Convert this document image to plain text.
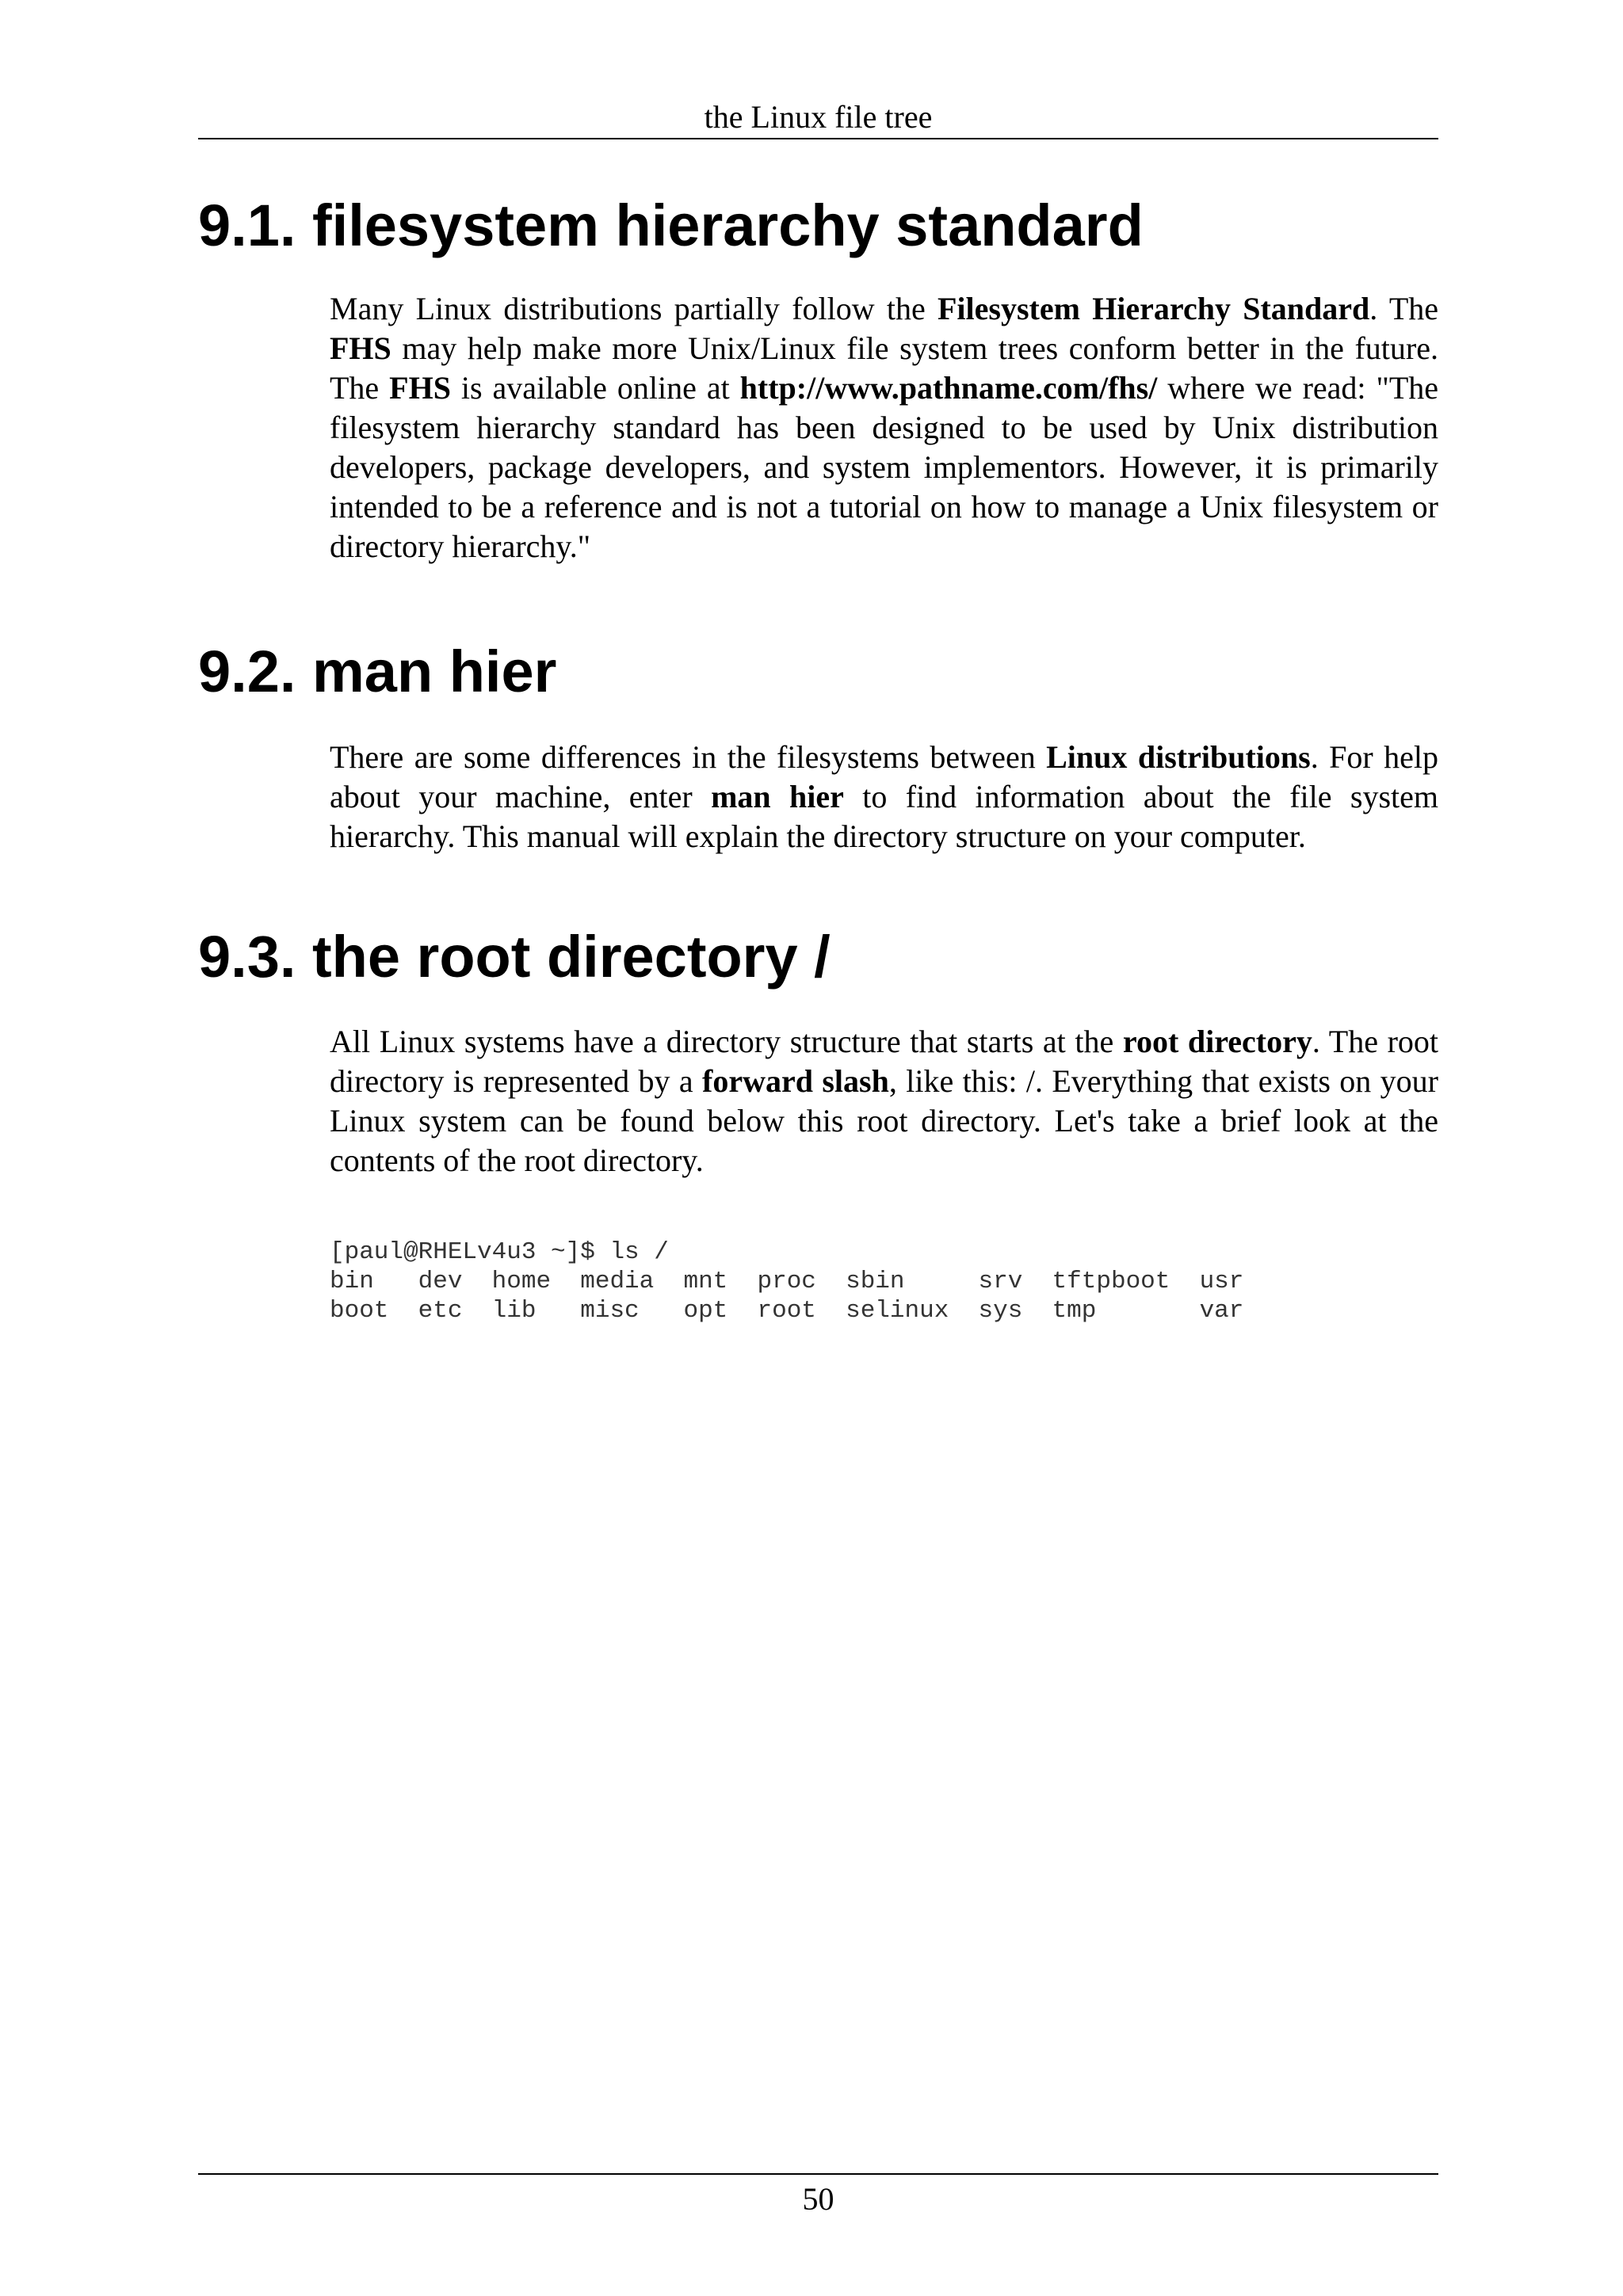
the Linux file tree
9.1. filesystem hierarchy standard

Many Linux distributions partially follow the Filesystem Hierarchy Standard. The FHS may help make more Unix/Linux file system trees conform better in the future. The FHS is available online at http://www.pathname.com/fhs/ where we read: "The filesystem hierarchy standard has been designed to be used by Unix distribution developers, package developers, and system implementors. However, it is primarily intended to be a reference and is not a tutorial on how to manage a Unix filesystem or directory hierarchy."

9.2. man hier

There are some differences in the filesystems between Linux distributions. For help about your machine, enter man hier to find information about the file system hierarchy. This manual will explain the directory structure on your computer.

9.3. the root directory /

All Linux systems have a directory structure that starts at the root directory. The root directory is represented by a forward slash, like this: /. Everything that exists on your Linux system can be found below this root directory. Let's take a brief look at the contents of the root directory.

[paul@RHELv4u3 ~]$ ls /
bin   dev  home  media  mnt  proc  sbin     srv  tftpboot  usr
boot  etc  lib   misc   opt  root  selinux  sys  tmp       var
50
